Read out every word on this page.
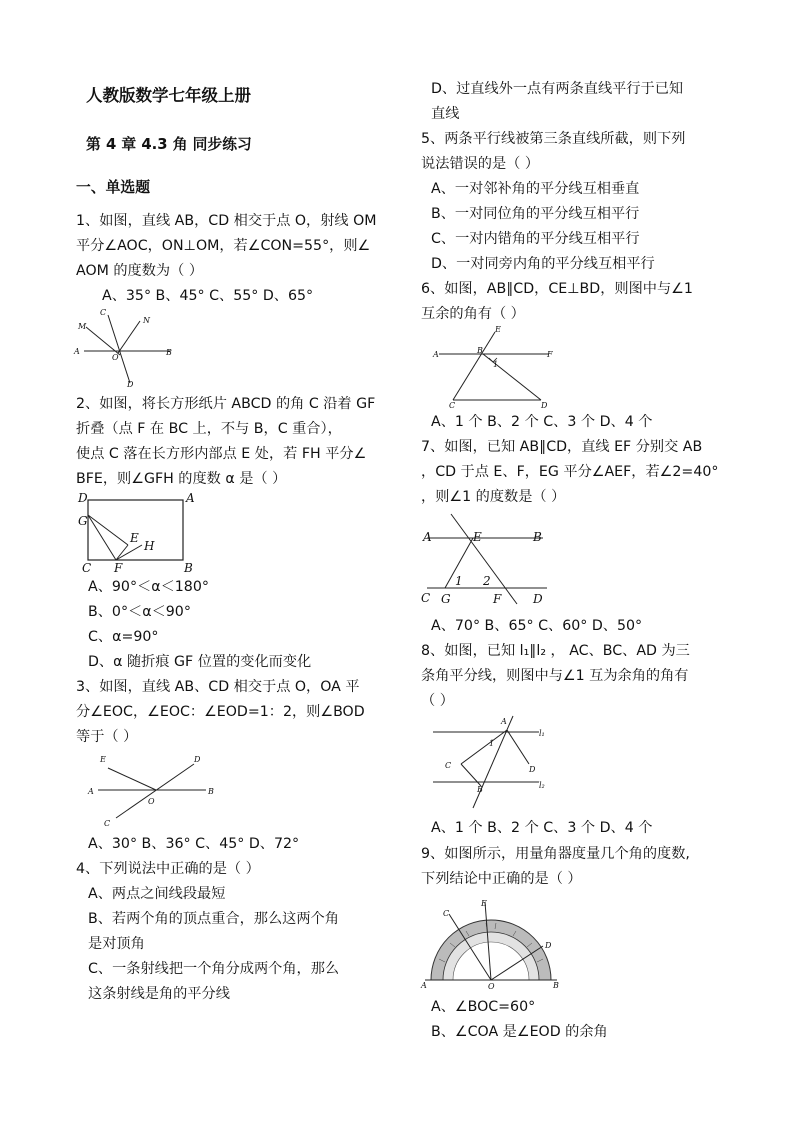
人教版数学七年级上册
第 4 章 4.3 角 同步练习
一、单选题
1、如图，直线 AB，CD 相交于点 O，射线 OM
平分∠AOC，ON⊥OM，若∠CON=55°，则∠
AOM 的度数为（ ）
A、35° B、45° C、55° D、65°
C
N
M
A
O
B
D
2、如图，将长方形纸片 ABCD 的角 C 沿着 GF
折叠（点 F 在 BC 上，不与 B，C 重合），
使点 C 落在长方形内部点 E 处，若 FH 平分∠
BFE，则∠GFH 的度数 α 是（ ）
D	A
G
E
H
C F	B
A、90°＜α＜180°
B、0°＜α＜90°
C、α=90°
D、α 随折痕 GF 位置的变化而变化
3、如图，直线 AB、CD 相交于点 O，OA 平
分∠EOC，∠EOC：∠EOD=1：2，则∠BOD
等于（ ）
E	D
A
O
B
C
A、30° B、36° C、45° D、72°
4、下列说法中正确的是（ ）
A、两点之间线段最短
B、若两个角的顶点重合，那么这两个角
是对顶角
C、一条射线把一个角分成两个角，那么
这条射线是角的平分线
D、过直线外一点有两条直线平行于已知
直线
5、两条平行线被第三条直线所截，则下列
说法错误的是（ ）
A、一对邻补角的平分线互相垂直
B、一对同位角的平分线互相平行
C、一对内错角的平分线互相平行
D、一对同旁内角的平分线互相平行
6、如图，AB∥CD，CE⊥BD，则图中与∠1
互余的角有（ ）
E
A	B	F
1
C	D
A、1 个 B、2 个 C、3 个 D、4 个
7、如图，已知 AB∥CD，直线 EF 分别交 AB
，CD 于点 E、F，EG 平分∠AEF，若∠2=40°
，则∠1 的度数是（ ）
A	E	B
1 2
C G	F	D
A、70° B、65° C、60° D、50°
8、如图，已知 l₁∥l₂ ， AC、BC、AD 为三
条角平分线，则图中与∠1 互为余角的角有
（ ）
A
l₁
1
C	D
B	l₂
A、1 个 B、2 个 C、3 个 D、4 个
9、如图所示，用量角器度量几个角的度数,
下列结论中正确的是（ ）
E
C
D
A	O	B
A、∠BOC=60°
B、∠COA 是∠EOD 的余角
